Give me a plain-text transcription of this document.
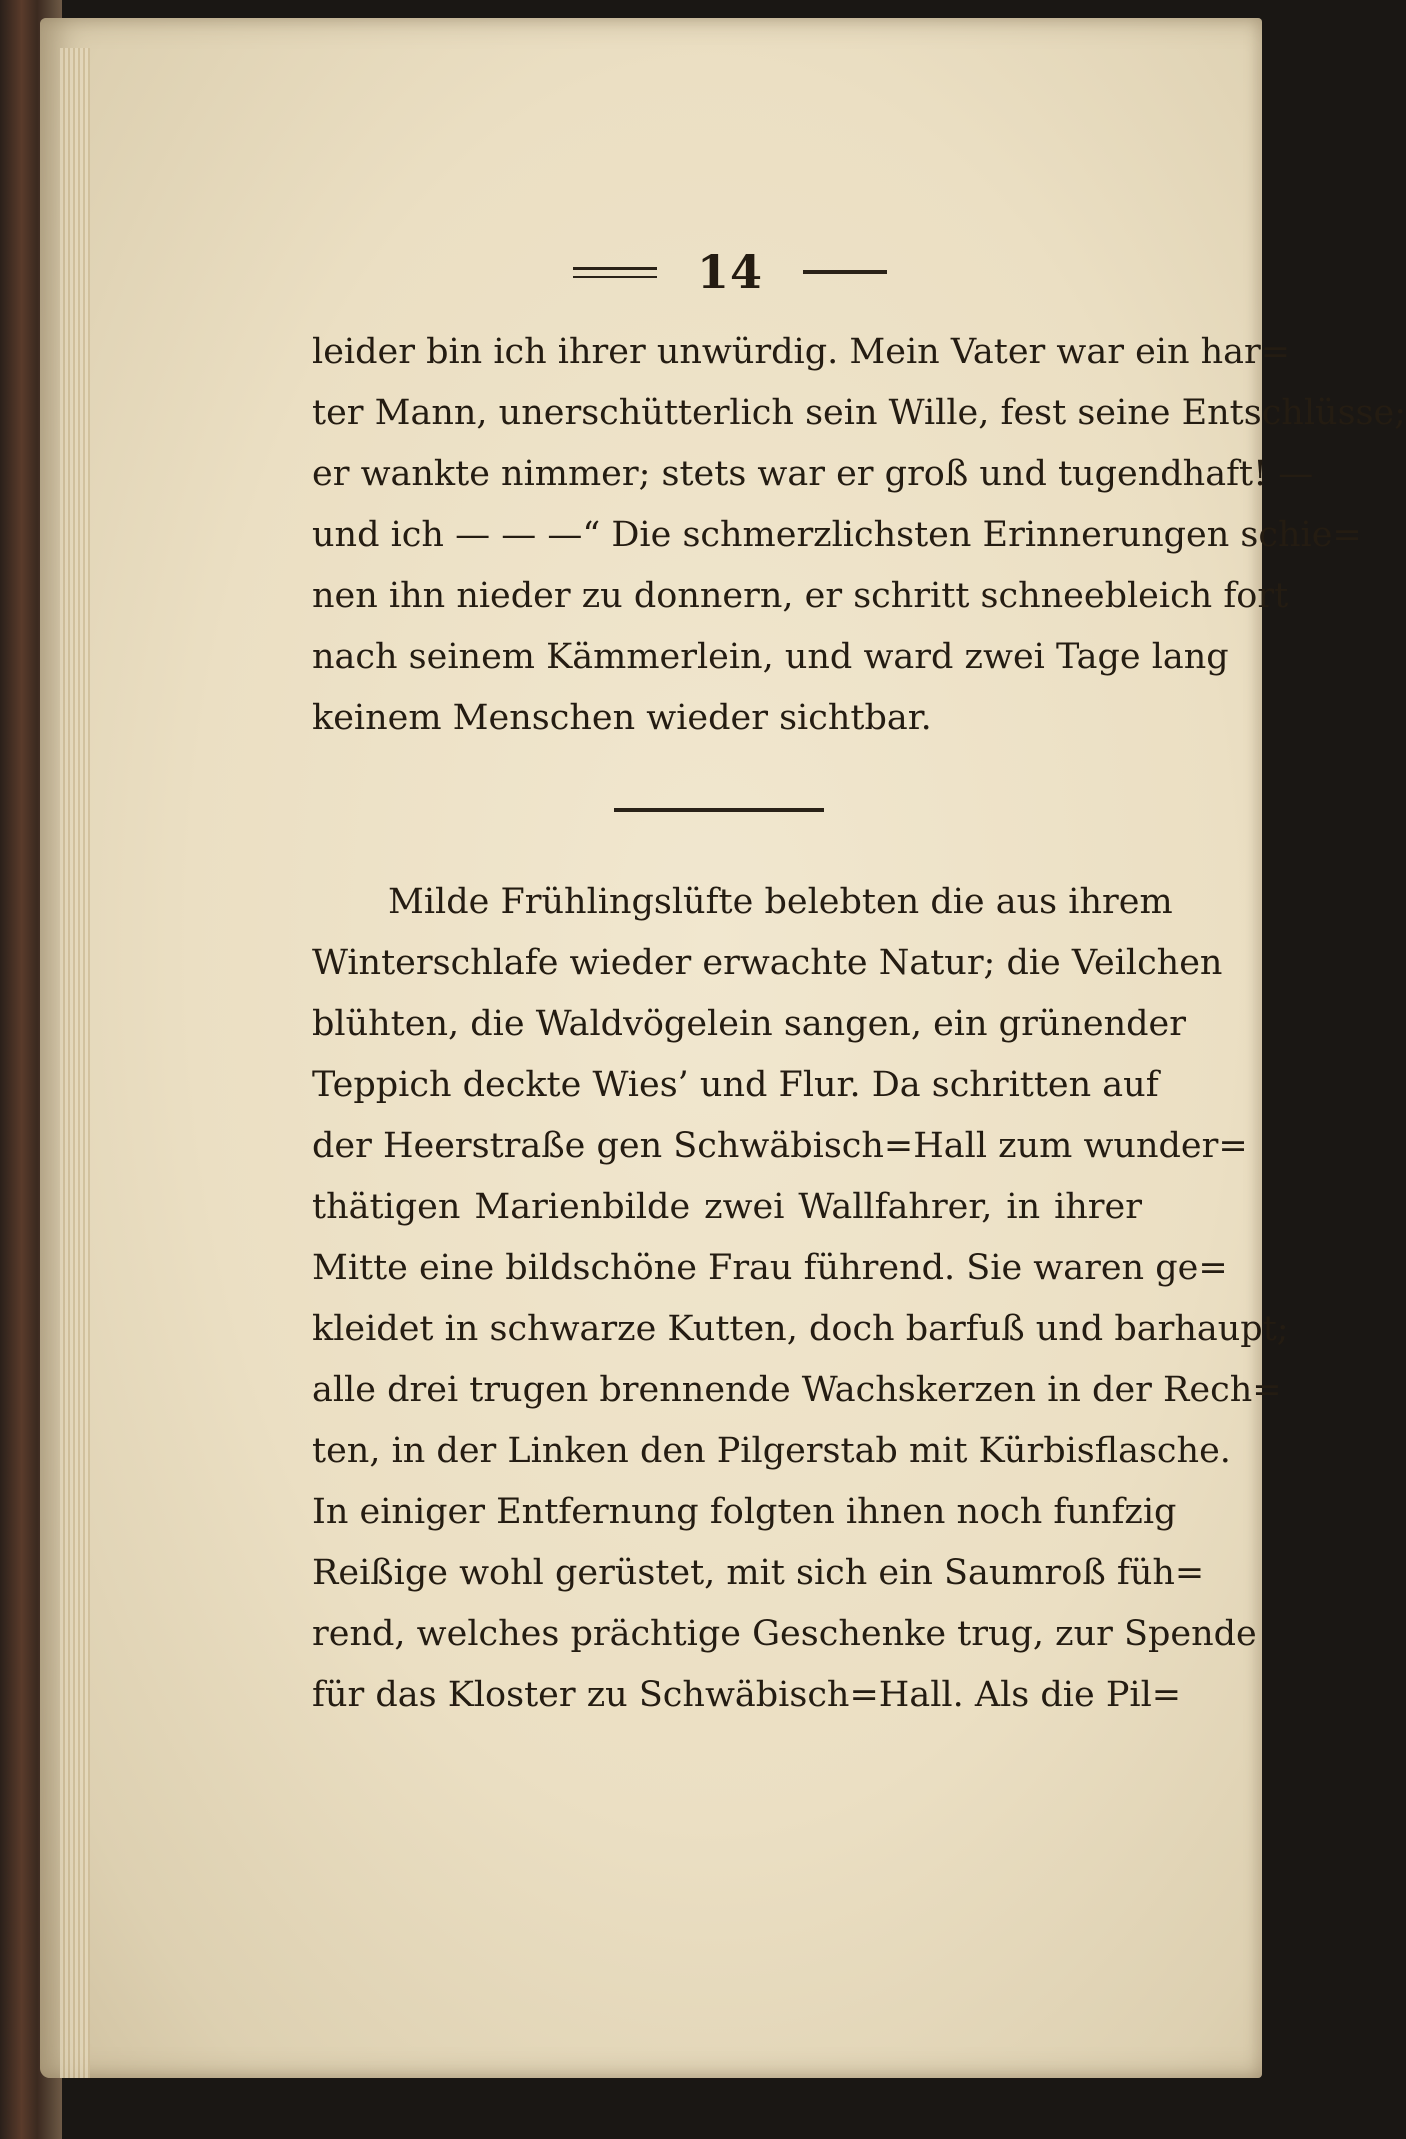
14
leider bin ich ihrer unwürdig. Mein Vater war ein har=
ter Mann, unerschütterlich sein Wille, fest seine Entschlüsse;
er wankte nimmer; stets war er groß und tugendhaft! —
und ich — — —“ Die schmerzlichsten Erinnerungen schie=
nen ihn nieder zu donnern, er schritt schneebleich fort
nach seinem Kämmerlein, und ward zwei Tage lang
keinem Menschen wieder sichtbar.
Milde Frühlingslüfte belebten die aus ihrem
Winterschlafe wieder erwachte Natur; die Veilchen
blühten, die Waldvögelein sangen, ein grünender
Teppich deckte Wies’ und Flur. Da schritten auf
der Heerstraße gen Schwäbisch=Hall zum wunder=
thätigen Marienbilde zwei Wallfahrer, in ihrer
Mitte eine bildschöne Frau führend. Sie waren ge=
kleidet in schwarze Kutten, doch barfuß und barhaupt;
alle drei trugen brennende Wachskerzen in der Rech=
ten, in der Linken den Pilgerstab mit Kürbisflasche.
In einiger Entfernung folgten ihnen noch funfzig
Reißige wohl gerüstet, mit sich ein Saumroß füh=
rend, welches prächtige Geschenke trug, zur Spende
für das Kloster zu Schwäbisch=Hall. Als die Pil=
